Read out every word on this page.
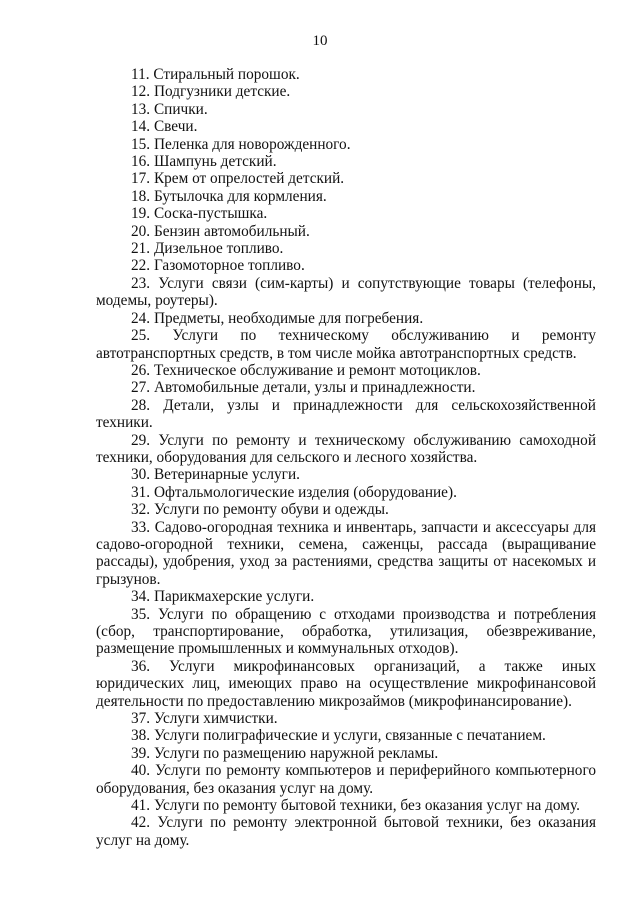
10

11. Стиральный порошок.

12. Подгузники детские.

13. Спички.

14. Свечи.

15. Пеленка для новорожденного.

16. Шампунь детский.

17. Крем от опрелостей детский.

18. Бутылочка для кормления.

19. Соска-пустышка.

20. Бензин автомобильный.

21. Дизельное топливо.

22. Газомоторное топливо.

23. Услуги связи (сим-карты) и сопутствующие товары (телефоны, модемы, роутеры).

24. Предметы, необходимые для погребения.

25. Услуги по техническому обслуживанию и ремонту автотранспортных средств, в том числе мойка автотранспортных средств.

26. Техническое обслуживание и ремонт мотоциклов.

27. Автомобильные детали, узлы и принадлежности.

28. Детали, узлы и принадлежности для сельскохозяйственной техники.

29. Услуги по ремонту и техническому обслуживанию самоходной техники, оборудования для сельского и лесного хозяйства.

30. Ветеринарные услуги.

31. Офтальмологические изделия (оборудование).

32. Услуги по ремонту обуви и одежды.

33. Садово-огородная техника и инвентарь, запчасти и аксессуары для садово-огородной техники, семена, саженцы, рассада (выращивание рассады), удобрения, уход за растениями, средства защиты от насекомых и грызунов.

34. Парикмахерские услуги.

35. Услуги по обращению с отходами производства и потребления (сбор, транспортирование, обработка, утилизация, обезвреживание, размещение промышленных и коммунальных отходов).

36. Услуги микрофинансовых организаций, а также иных юридических лиц, имеющих право на осуществление микрофинансовой деятельности по предоставлению микрозаймов (микрофинансирование).

37. Услуги химчистки.

38. Услуги полиграфические и услуги, связанные с печатанием.

39. Услуги по размещению наружной рекламы.

40. Услуги по ремонту компьютеров и периферийного компьютерного оборудования, без оказания услуг на дому.

41. Услуги по ремонту бытовой техники, без оказания услуг на дому.

42. Услуги по ремонту электронной бытовой техники, без оказания услуг на дому.
